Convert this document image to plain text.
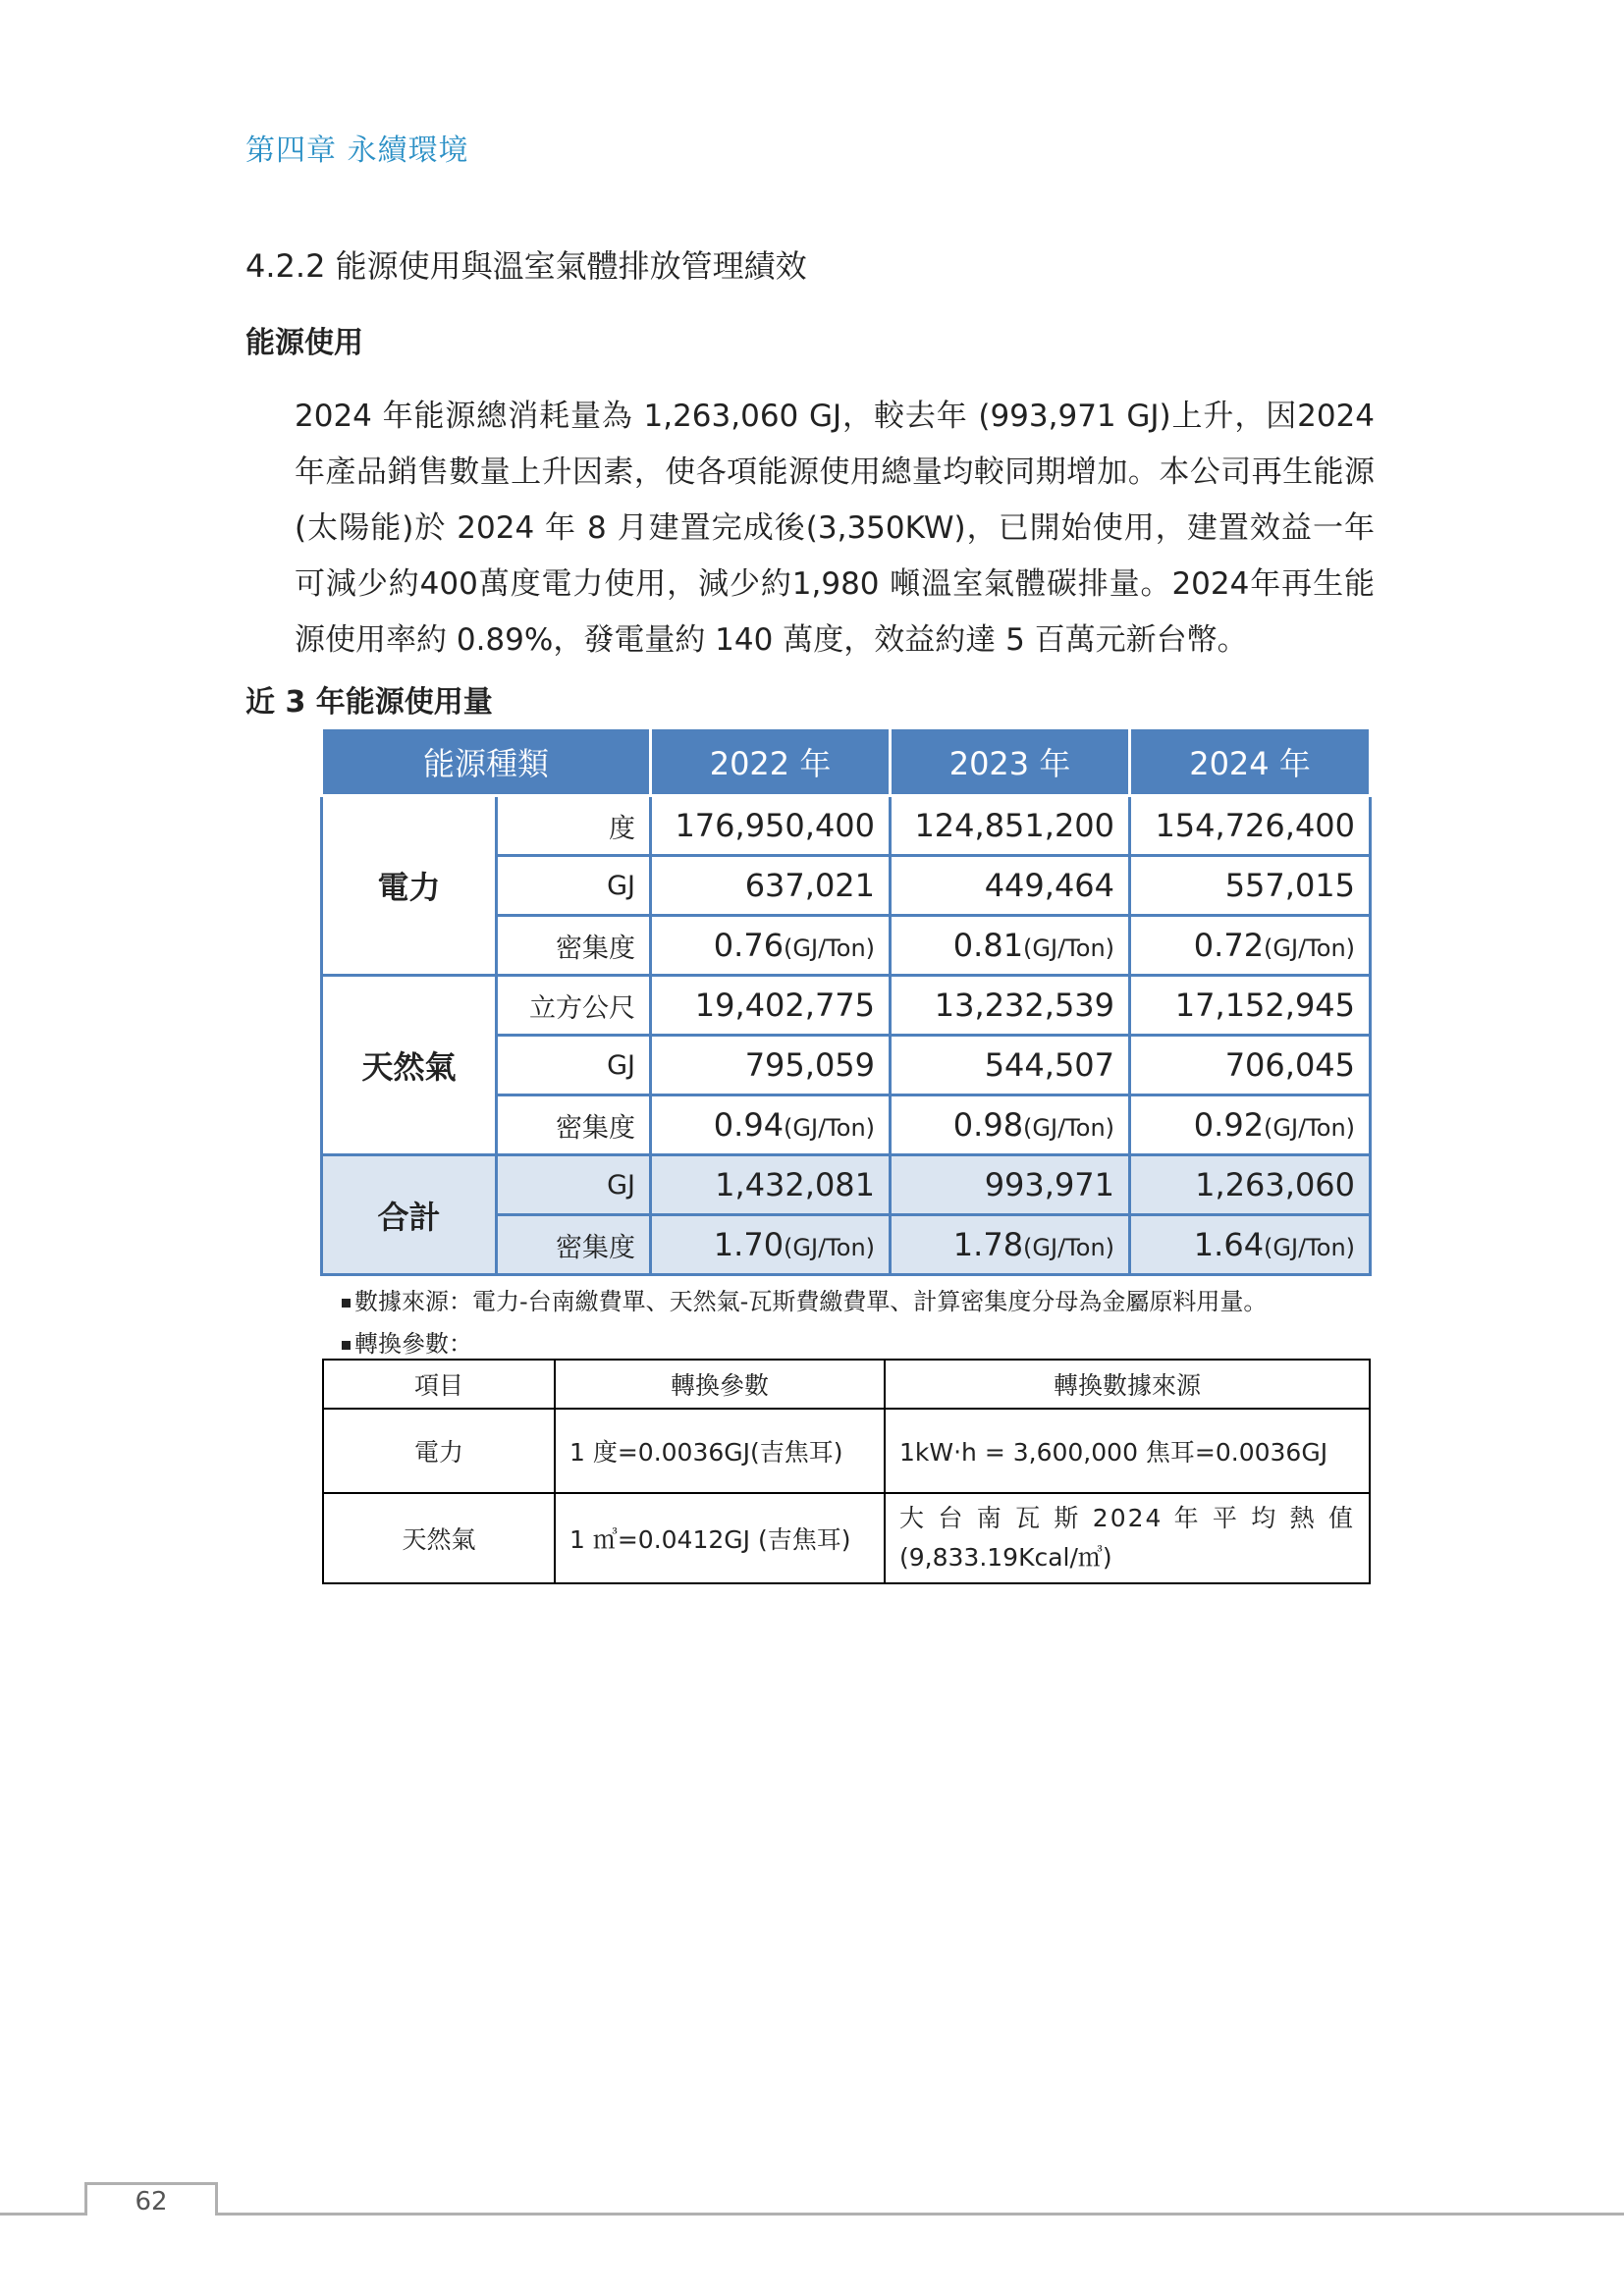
第四章 永續環境
4.2.2 能源使用與溫室氣體排放管理績效
能源使用
2024 年能源總消耗量為 1,263,060 GJ，較去年 (993,971 GJ)上升，因2024 年產品銷售數量上升因素，使各項能源使用總量均較同期增加。本公司再生能源(太陽能)於 2024 年 8 月建置完成後(3,350KW)，已開始使用，建置效益一年可減少約400萬度電力使用，減少約1,980 噸溫室氣體碳排量。2024年再生能源使用率約 0.89%，發電量約 140 萬度，效益約達 5 百萬元新台幣。
近 3 年能源使用量
能源種類		2022 年	2023 年	2024 年
電力	度	176,950,400	124,851,200	154,726,400
	GJ	637,021	449,464	557,015
	密集度	0.76(GJ/Ton)	0.81(GJ/Ton)	0.72(GJ/Ton)
天然氣	立方公尺	19,402,775	13,232,539	17,152,945
	GJ	795,059	544,507	706,045
	密集度	0.94(GJ/Ton)	0.98(GJ/Ton)	0.92(GJ/Ton)
合計	GJ	1,432,081	993,971	1,263,060
	密集度	1.70(GJ/Ton)	1.78(GJ/Ton)	1.64(GJ/Ton)
數據來源：電力-台南繳費單、天然氣-瓦斯費繳費單、計算密集度分母為金屬原料用量。
轉換參數：
項目	轉換參數	轉換數據來源
電力	1 度=0.0036GJ(吉焦耳)	1kW‧h = 3,600,000 焦耳=0.0036GJ
天然氣	1 ㎥=0.0412GJ (吉焦耳)	大 台 南 瓦 斯 2024 年 平 均 熱 值
(9,833.19Kcal/㎥)
62
